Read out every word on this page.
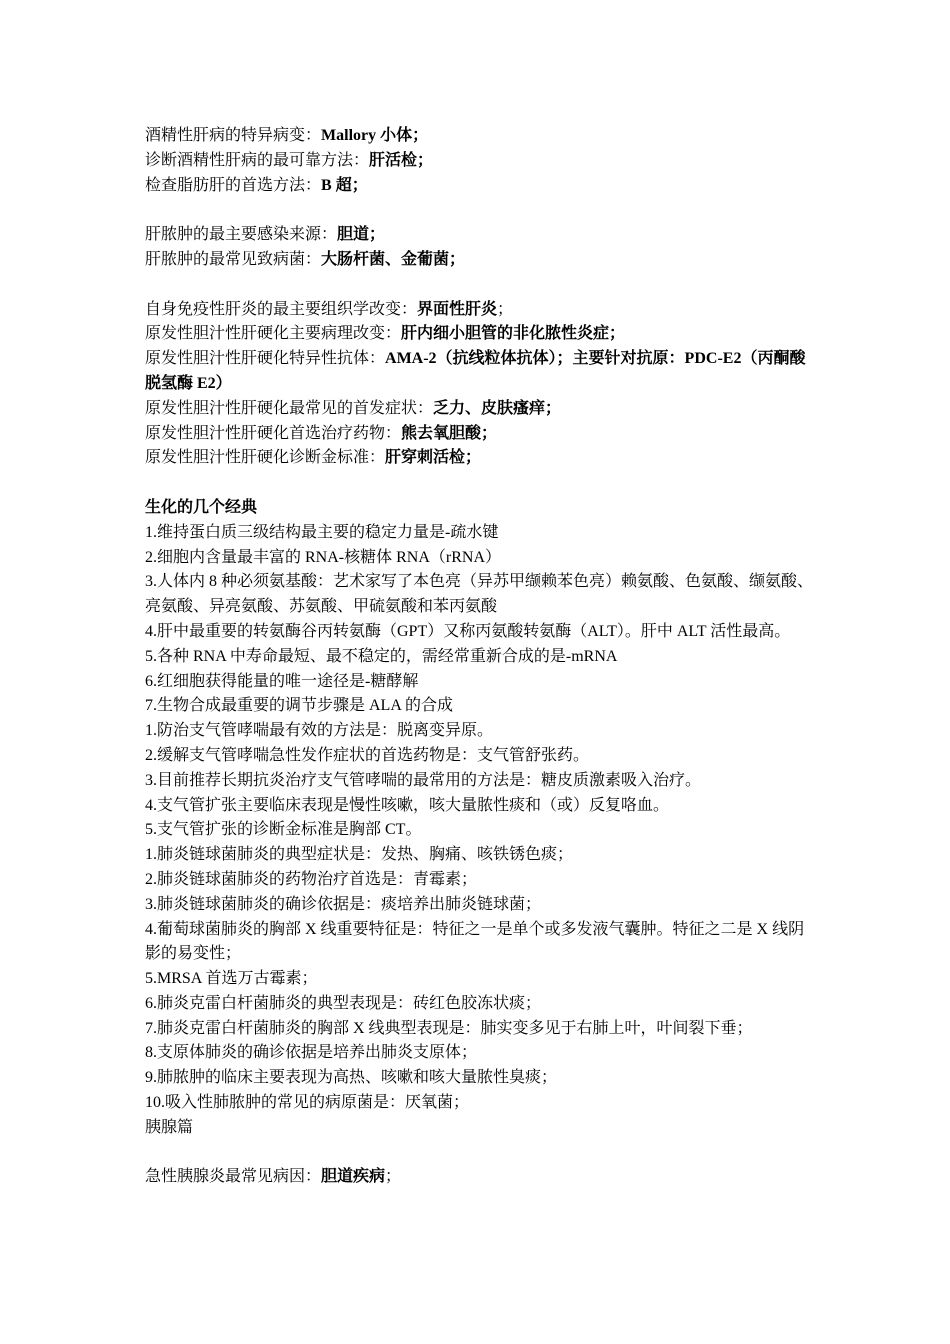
酒精性肝病的特异病变：Mallory 小体；
诊断酒精性肝病的最可靠方法：肝活检；
检查脂肪肝的首选方法：B 超；
肝脓肿的最主要感染来源：胆道；
肝脓肿的最常见致病菌：大肠杆菌、金葡菌；
自身免疫性肝炎的最主要组织学改变：界面性肝炎；
原发性胆汁性肝硬化主要病理改变：肝内细小胆管的非化脓性炎症；
原发性胆汁性肝硬化特异性抗体：AMA-2（抗线粒体抗体）；主要针对抗原：PDC-E2（丙酮酸脱氢酶 E2）
原发性胆汁性肝硬化最常见的首发症状：乏力、皮肤瘙痒；
原发性胆汁性肝硬化首选治疗药物：熊去氧胆酸；
原发性胆汁性肝硬化诊断金标准：肝穿刺活检；
生化的几个经典
1.维持蛋白质三级结构最主要的稳定力量是-疏水键
2.细胞内含量最丰富的 RNA-核糖体 RNA（rRNA）
3.人体内 8 种必须氨基酸：艺术家写了本色亮（异苏甲缬赖苯色亮）赖氨酸、色氨酸、缬氨酸、亮氨酸、异亮氨酸、苏氨酸、甲硫氨酸和苯丙氨酸
4.肝中最重要的转氨酶谷丙转氨酶（GPT）又称丙氨酸转氨酶（ALT）。肝中 ALT 活性最高。
5.各种 RNA 中寿命最短、最不稳定的，需经常重新合成的是-mRNA
6.红细胞获得能量的唯一途径是-糖酵解
7.生物合成最重要的调节步骤是 ALA 的合成
1.防治支气管哮喘最有效的方法是：脱离变异原。
2.缓解支气管哮喘急性发作症状的首选药物是：支气管舒张药。
3.目前推荐长期抗炎治疗支气管哮喘的最常用的方法是：糖皮质激素吸入治疗。
4.支气管扩张主要临床表现是慢性咳嗽，咳大量脓性痰和（或）反复咯血。
5.支气管扩张的诊断金标准是胸部 CT。
1.肺炎链球菌肺炎的典型症状是：发热、胸痛、咳铁锈色痰；
2.肺炎链球菌肺炎的药物治疗首选是：青霉素；
3.肺炎链球菌肺炎的确诊依据是：痰培养出肺炎链球菌；
4.葡萄球菌肺炎的胸部 X 线重要特征是：特征之一是单个或多发液气囊肿。特征之二是 X 线阴影的易变性；
5.MRSA 首选万古霉素；
6.肺炎克雷白杆菌肺炎的典型表现是：砖红色胶冻状痰；
7.肺炎克雷白杆菌肺炎的胸部 X 线典型表现是：肺实变多见于右肺上叶，叶间裂下垂；
8.支原体肺炎的确诊依据是培养出肺炎支原体；
9.肺脓肿的临床主要表现为高热、咳嗽和咳大量脓性臭痰；
10.吸入性肺脓肿的常见的病原菌是：厌氧菌；
胰腺篇
急性胰腺炎最常见病因：胆道疾病；
